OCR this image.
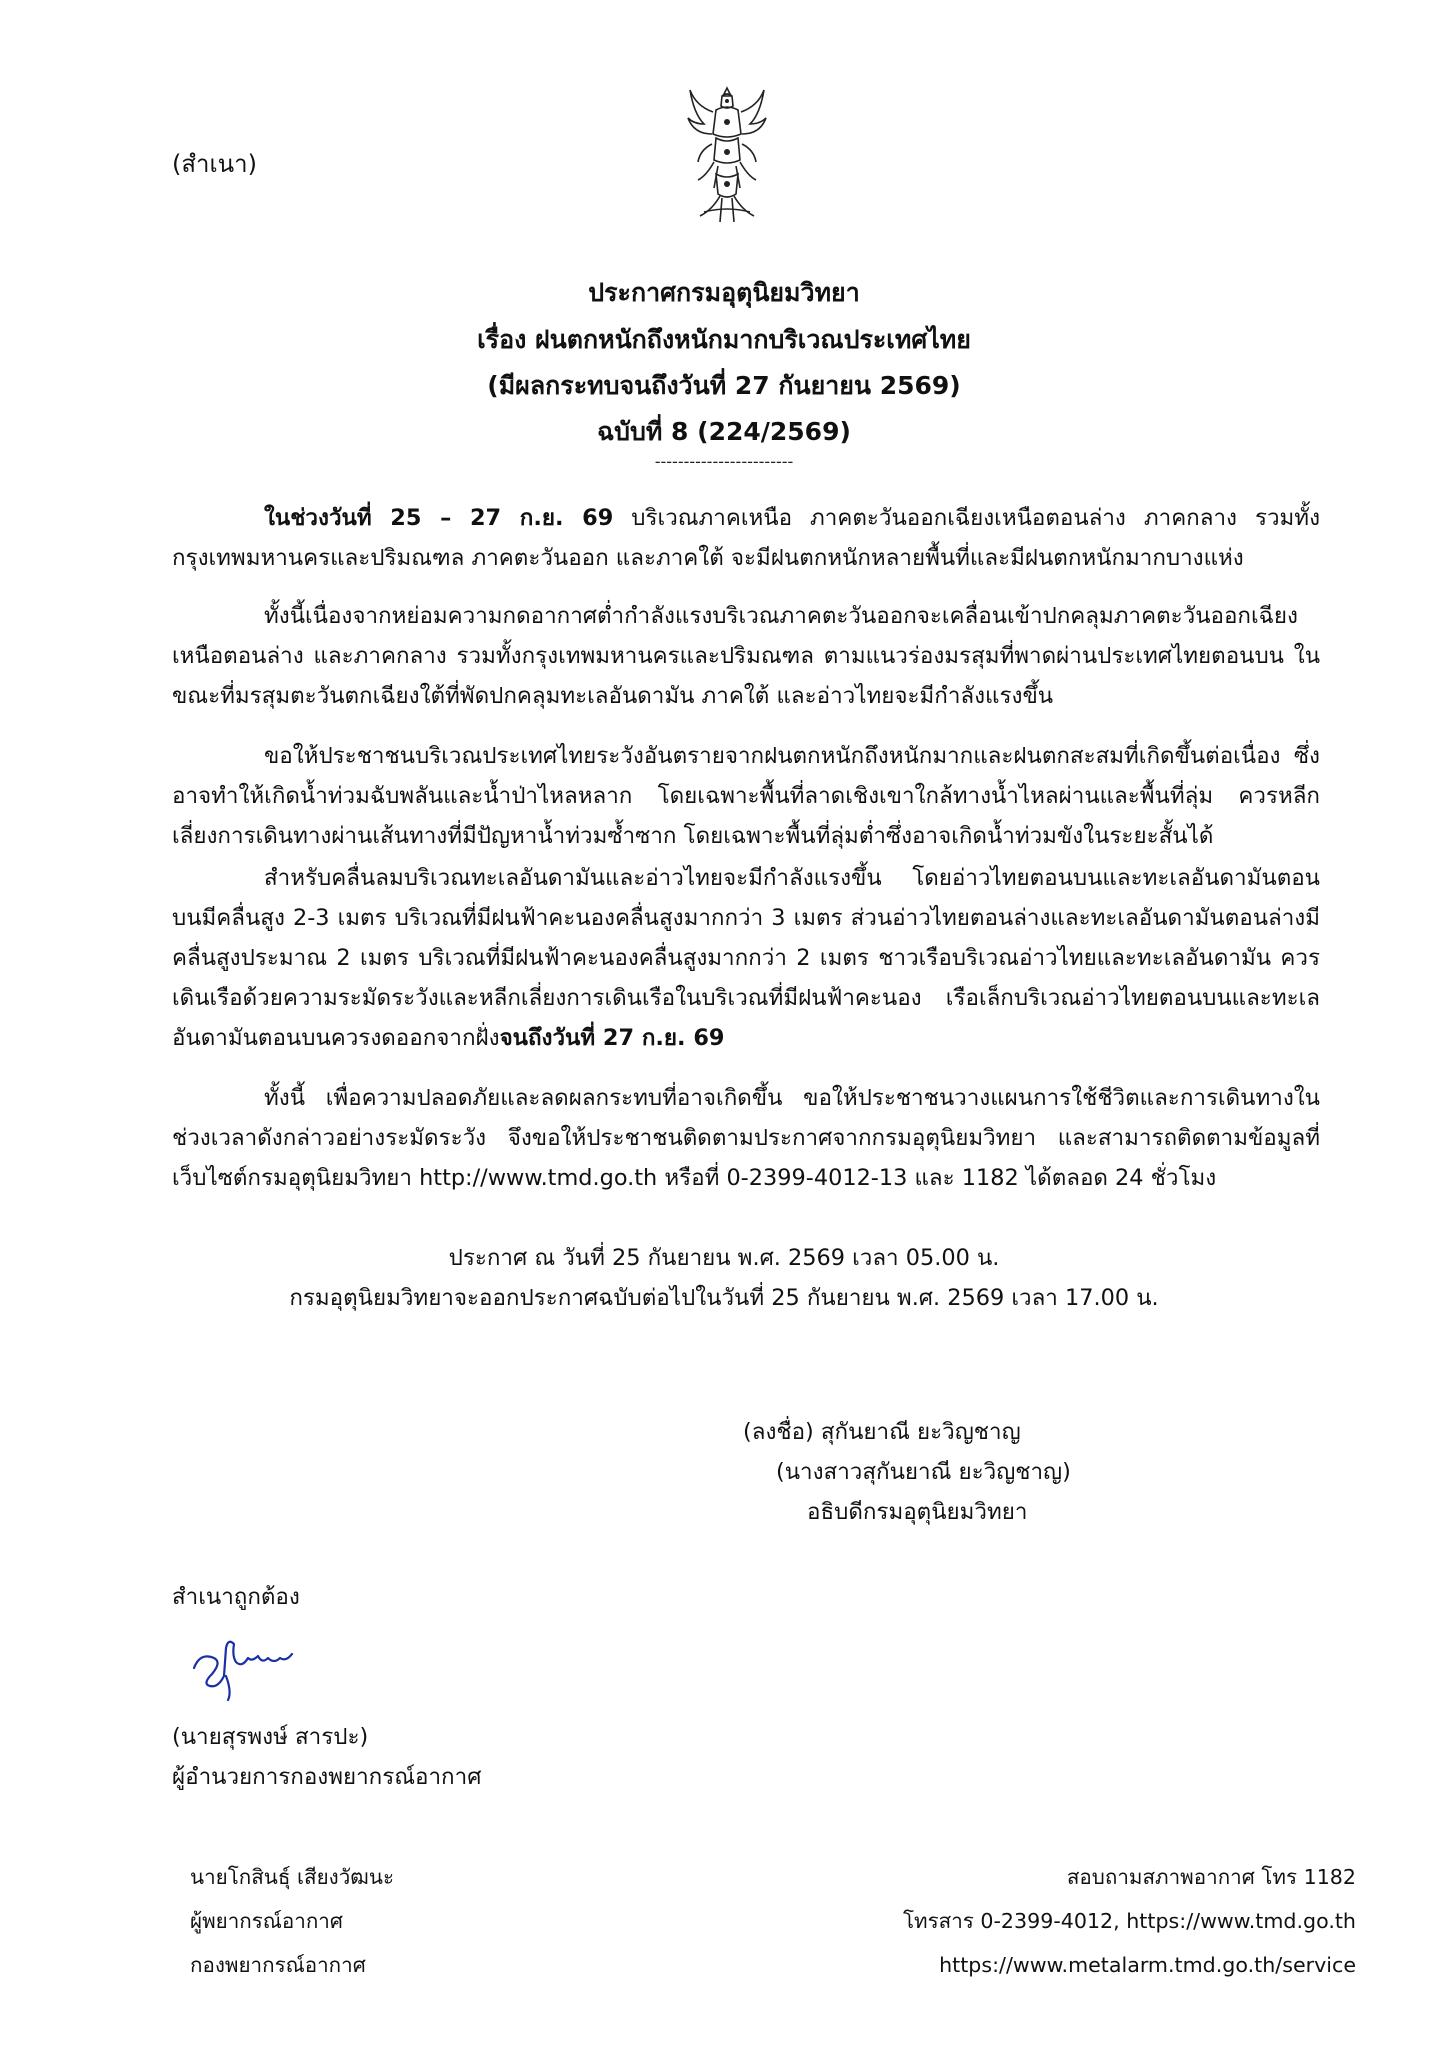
(สำเนา)
ประกาศกรมอุตุนิยมวิทยา
เรื่อง ฝนตกหนักถึงหนักมากบริเวณประเทศไทย
(มีผลกระทบจนถึงวันที่ 27 กันยายน 2569)
ฉบับที่ 8 (224/2569)
------------------------
ในช่วงวันที่ 25 – 27 ก.ย. 69 บริเวณภาคเหนือ ภาคตะวันออกเฉียงเหนือตอนล่าง ภาคกลาง รวมทั้งกรุงเทพมหานครและปริมณฑล ภาคตะวันออก และภาคใต้ จะมีฝนตกหนักหลายพื้นที่และมีฝนตกหนักมากบางแห่ง
ทั้งนี้เนื่องจากหย่อมความกดอากาศต่ำกำลังแรงบริเวณภาคตะวันออกจะเคลื่อนเข้าปกคลุมภาคตะวันออกเฉียงเหนือตอนล่าง และภาคกลาง รวมทั้งกรุงเทพมหานครและปริมณฑล ตามแนวร่องมรสุมที่พาดผ่านประเทศไทยตอนบน ในขณะที่มรสุมตะวันตกเฉียงใต้ที่พัดปกคลุมทะเลอันดามัน ภาคใต้ และอ่าวไทยจะมีกำลังแรงขึ้น
ขอให้ประชาชนบริเวณประเทศไทยระวังอันตรายจากฝนตกหนักถึงหนักมากและฝนตกสะสมที่เกิดขึ้นต่อเนื่อง ซึ่งอาจทำให้เกิดน้ำท่วมฉับพลันและน้ำป่าไหลหลาก โดยเฉพาะพื้นที่ลาดเชิงเขาใกล้ทางน้ำไหลผ่านและพื้นที่ลุ่ม ควรหลีกเลี่ยงการเดินทางผ่านเส้นทางที่มีปัญหาน้ำท่วมซ้ำซาก โดยเฉพาะพื้นที่ลุ่มต่ำซึ่งอาจเกิดน้ำท่วมขังในระยะสั้นได้
สำหรับคลื่นลมบริเวณทะเลอันดามันและอ่าวไทยจะมีกำลังแรงขึ้น โดยอ่าวไทยตอนบนและทะเลอันดามันตอนบนมีคลื่นสูง 2-3 เมตร บริเวณที่มีฝนฟ้าคะนองคลื่นสูงมากกว่า 3 เมตร ส่วนอ่าวไทยตอนล่างและทะเลอันดามันตอนล่างมีคลื่นสูงประมาณ 2 เมตร บริเวณที่มีฝนฟ้าคะนองคลื่นสูงมากกว่า 2 เมตร ชาวเรือบริเวณอ่าวไทยและทะเลอันดามัน ควรเดินเรือด้วยความระมัดระวังและหลีกเลี่ยงการเดินเรือในบริเวณที่มีฝนฟ้าคะนอง เรือเล็กบริเวณอ่าวไทยตอนบนและทะเลอันดามันตอนบนควรงดออกจากฝั่งจนถึงวันที่ 27 ก.ย. 69
ทั้งนี้ เพื่อความปลอดภัยและลดผลกระทบที่อาจเกิดขึ้น ขอให้ประชาชนวางแผนการใช้ชีวิตและการเดินทางในช่วงเวลาดังกล่าวอย่างระมัดระวัง จึงขอให้ประชาชนติดตามประกาศจากกรมอุตุนิยมวิทยา และสามารถติดตามข้อมูลที่เว็บไซต์กรมอุตุนิยมวิทยา http://www.tmd.go.th หรือที่ 0-2399-4012-13 และ 1182 ได้ตลอด 24 ชั่วโมง
ประกาศ ณ วันที่ 25 กันยายน พ.ศ. 2569 เวลา 05.00 น.
กรมอุตุนิยมวิทยาจะออกประกาศฉบับต่อไปในวันที่ 25 กันยายน พ.ศ. 2569 เวลา 17.00 น.
(ลงชื่อ) สุกันยาณี ยะวิญชาญ
(นางสาวสุกันยาณี ยะวิญชาญ)
อธิบดีกรมอุตุนิยมวิทยา
สำเนาถูกต้อง
(นายสุรพงษ์ สารปะ)
ผู้อำนวยการกองพยากรณ์อากาศ
นายโกสินธุ์ เสียงวัฒนะ
ผู้พยากรณ์อากาศ
กองพยากรณ์อากาศ
สอบถามสภาพอากาศ โทร 1182
โทรสาร 0-2399-4012, https://www.tmd.go.th
https://www.metalarm.tmd.go.th/service
